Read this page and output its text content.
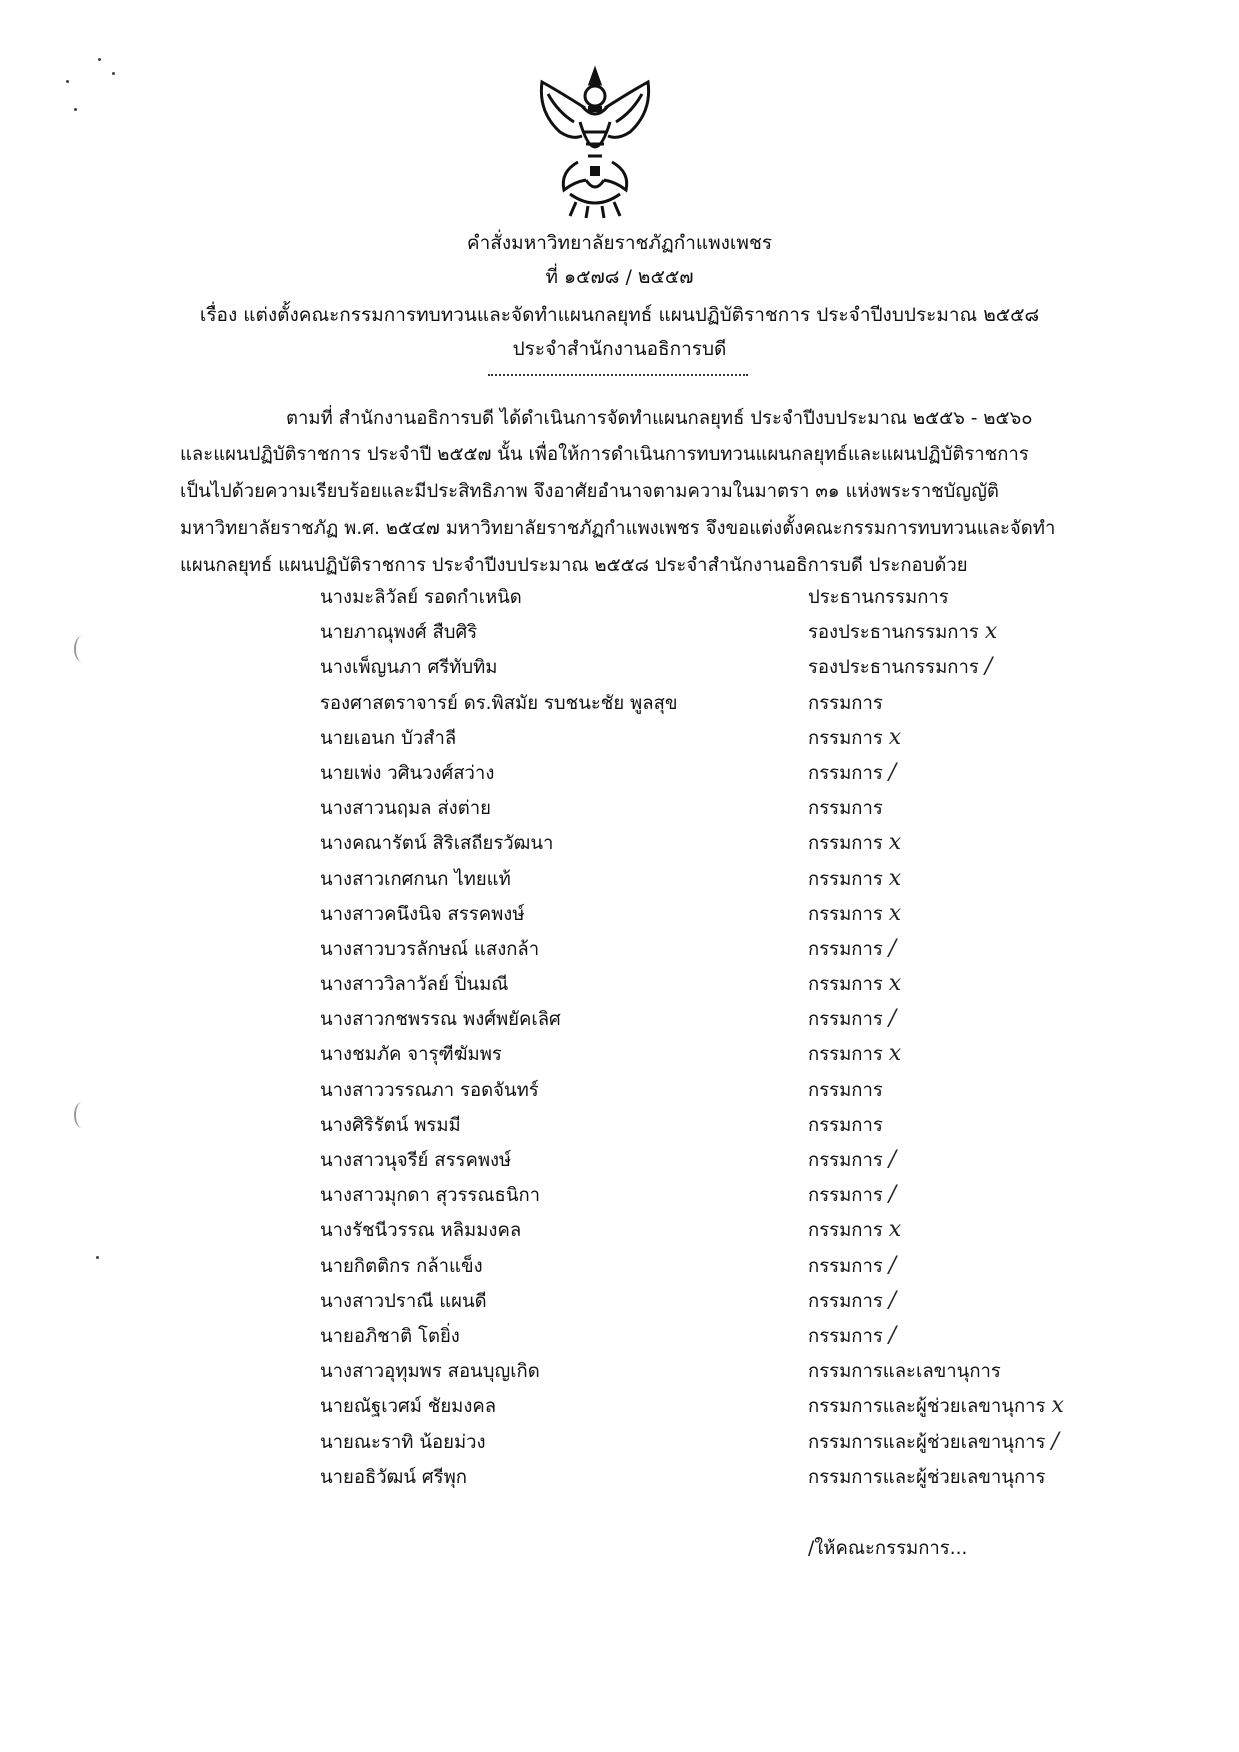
คำสั่งมหาวิทยาลัยราชภัฏกำแพงเพชร
ที่ ๑๕๗๘ / ๒๕๕๗
เรื่อง แต่งตั้งคณะกรรมการทบทวนและจัดทำแผนกลยุทธ์ แผนปฏิบัติราชการ ประจำปีงบประมาณ ๒๕๕๘
ประจำสำนักงานอธิการบดี
ตามที่ สำนักงานอธิการบดี ได้ดำเนินการจัดทำแผนกลยุทธ์ ประจำปีงบประมาณ ๒๕๕๖ - ๒๕๖๐
และแผนปฏิบัติราชการ ประจำปี ๒๕๕๗ นั้น เพื่อให้การดำเนินการทบทวนแผนกลยุทธ์และแผนปฏิบัติราชการ
เป็นไปด้วยความเรียบร้อยและมีประสิทธิภาพ จึงอาศัยอำนาจตามความในมาตรา ๓๑ แห่งพระราชบัญญัติ
มหาวิทยาลัยราชภัฏ พ.ศ. ๒๕๔๗ มหาวิทยาลัยราชภัฏกำแพงเพชร จึงขอแต่งตั้งคณะกรรมการทบทวนและจัดทำ
แผนกลยุทธ์ แผนปฏิบัติราชการ ประจำปีงบประมาณ ๒๕๕๘ ประจำสำนักงานอธิการบดี ประกอบด้วย
นางมะลิวัลย์ รอดกำเหนิด	ประธานกรรมการ
นายภาณุพงศ์ สืบศิริ	รองประธานกรรมการ x
นางเพ็ญนภา ศรีทับทิม	รองประธานกรรมการ /
รองศาสตราจารย์ ดร.พิสมัย รบชนะชัย พูลสุข	กรรมการ
นายเอนก บัวสำลี	กรรมการ x
นายเพ่ง วศินวงศ์สว่าง	กรรมการ /
นางสาวนฤมล ส่งต่าย	กรรมการ
นางคณารัตน์ สิริเสถียรวัฒนา	กรรมการ x
นางสาวเกศกนก ไทยแท้	กรรมการ x
นางสาวคนึงนิจ สรรคพงษ์	กรรมการ x
นางสาวบวรลักษณ์ แสงกล้า	กรรมการ /
นางสาววิลาวัลย์ ปิ่นมณี	กรรมการ x
นางสาวกชพรรณ พงศ์พยัคเลิศ	กรรมการ /
นางชมภัค จารุฑีฆัมพร	กรรมการ x
นางสาววรรณภา รอดจันทร์	กรรมการ
นางศิริรัตน์ พรมมี	กรรมการ
นางสาวนุจรีย์ สรรคพงษ์	กรรมการ /
นางสาวมุกดา สุวรรณธนิกา	กรรมการ /
นางรัชนีวรรณ หลิมมงคล	กรรมการ x
นายกิตติกร กล้าแข็ง	กรรมการ /
นางสาวปราณี แผนดี	กรรมการ /
นายอภิชาติ โตยิ่ง	กรรมการ /
นางสาวอุทุมพร สอนบุญเกิด	กรรมการและเลขานุการ
นายณัฐเวศม์ ชัยมงคล	กรรมการและผู้ช่วยเลขานุการ x
นายณะราทิ น้อยม่วง	กรรมการและผู้ช่วยเลขานุการ /
นายอธิวัฒน์ ศรีพุก	กรรมการและผู้ช่วยเลขานุการ
/ให้คณะกรรมการ...
